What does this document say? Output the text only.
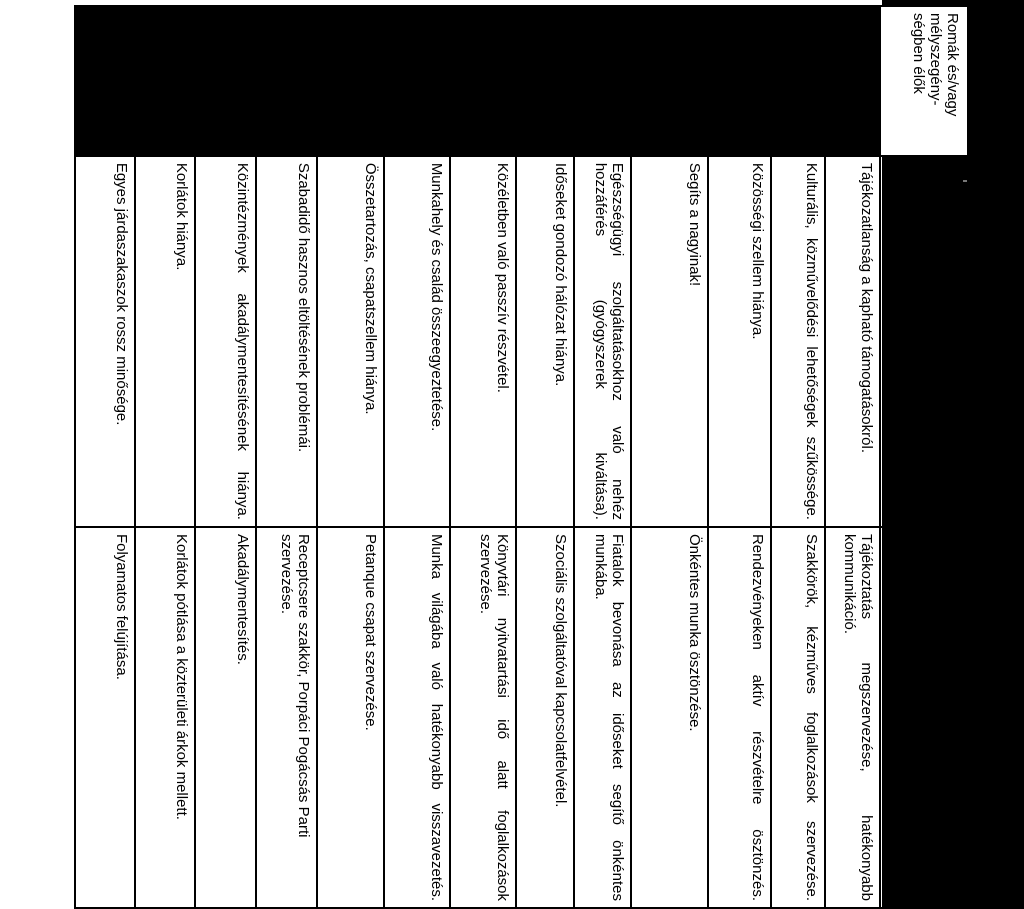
	problémák beazonosítása rövid megnevezéssel	fejlesztési lehetőségek meghatározása rövid címmel
Romák és/vagy mélyszegény-ségben élők	Elszigeteltség, bezárkózás.	Közösségi életbe való bevonás, kulturális programok szervezése.
	Életkörülmények romlása.	Összefogás, adományok gyűjtése.
	Tájékozatlanság a kapható támogatásokról.	Tájékoztatás megszervezése, hatékonyabb kommunikáció.
	Kulturális, közművelődési lehetőségek szűkössége.	Szakkörök, kézműves foglalkozások szervezése.
	Közösségi szellem hiánya.	Rendezvényeken aktív részvételre ösztönzés.
	Segíts a nagyinak!	Önkéntes munka ösztönzése.
	Egészségügyi szolgáltatásokhoz való nehéz hozzáférés (gyógyszerek kiváltása).	Fiatalok bevonása az időseket segítő önkéntes munkába.
	Időseket gondozó hálózat hiánya.	Szociális szolgáltatóval kapcsolatfelvétel.
	Közéletben való passzív részvétel.	Könyvtári nyitvatartási idő alatt foglalkozások szervezése.
	Munkahely és család összeegyeztetése.	Munka világába való hatékonyabb visszavezetés.
	Összetartozás, csapatszellem hiánya.	Petanque csapat szervezése.
	Szabadidő hasznos eltöltésének problémái.	Receptcsere szakkör, Porpáci Pogácsás Parti szervezése.
	Közintézmények akadálymentesítésének hiánya.	Akadálymentesítés.
	Korlátok hiánya.	Korlátok pótlása a közterületi árkok mellett.
	Egyes járdaszakaszok rossz minősége.	Folyamatos felújítása.
